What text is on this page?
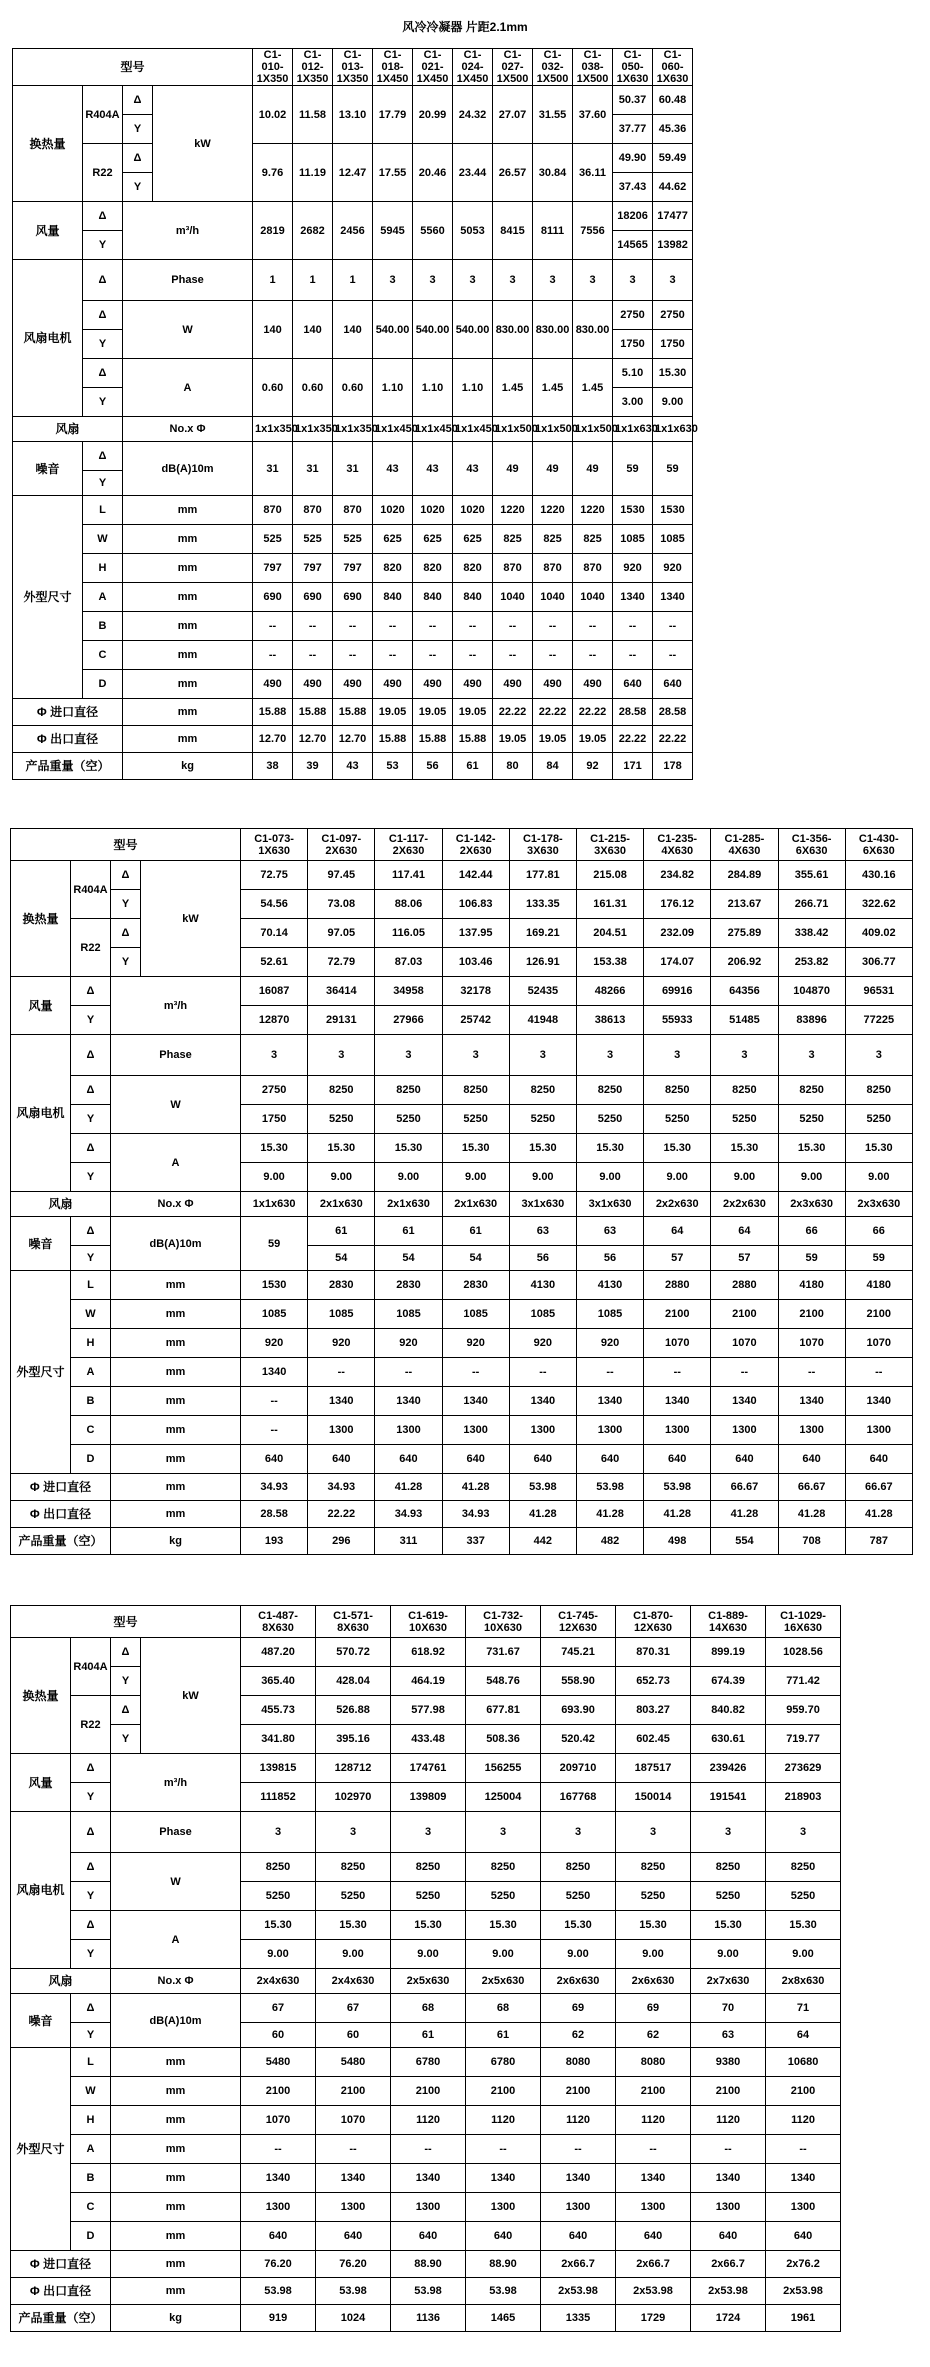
风冷冷凝器 片距2.1mm
型号				C1-010-1X350	C1-012-1X350	C1-013-1X350	C1-018-1X450	C1-021-1X450	C1-024-1X450	C1-027-1X500	C1-032-1X500	C1-038-1X500	C1-050-1X630	C1-060-1X630
换热量	R404A	Δ	kW	10.02	11.58	13.10	17.79	20.99	24.32	27.07	31.55	37.60	50.37	60.48
		Y											37.77	45.36
	R22	Δ		9.76	11.19	12.47	17.55	20.46	23.44	26.57	30.84	36.11	49.90	59.49
		Y											37.43	44.62
风量	Δ	m³/h		2819	2682	2456	5945	5560	5053	8415	8111	7556	18206	17477
	Y												14565	13982
风扇电机	Δ	Phase		1	1	1	3	3	3	3	3	3	3	3
	Δ	W		140	140	140	540.00	540.00	540.00	830.00	830.00	830.00	2750	2750
	Y												1750	1750
	Δ	A		0.60	0.60	0.60	1.10	1.10	1.10	1.45	1.45	1.45	5.10	15.30
	Y												3.00	9.00
风扇		No.x Φ		1x1x350	1x1x350	1x1x350	1x1x450	1x1x450	1x1x450	1x1x500	1x1x500	1x1x500	1x1x630	1x1x630
噪音	Δ	dB(A)10m		31	31	31	43	43	43	49	49	49	59	59
	Y													
外型尺寸	L	mm		870	870	870	1020	1020	1020	1220	1220	1220	1530	1530
	W	mm		525	525	525	625	625	625	825	825	825	1085	1085
	H	mm		797	797	797	820	820	820	870	870	870	920	920
	A	mm		690	690	690	840	840	840	1040	1040	1040	1340	1340
	B	mm		--	--	--	--	--	--	--	--	--	--	--
	C	mm		--	--	--	--	--	--	--	--	--	--	--
	D	mm		490	490	490	490	490	490	490	490	490	640	640
Φ 进口直径		mm		15.88	15.88	15.88	19.05	19.05	19.05	22.22	22.22	22.22	28.58	28.58
Φ 出口直径		mm		12.70	12.70	12.70	15.88	15.88	15.88	19.05	19.05	19.05	22.22	22.22
产品重量（空）		kg		38	39	43	53	56	61	80	84	92	171	178
型号				C1-073-1X630	C1-097-2X630	C1-117-2X630	C1-142-2X630	C1-178-3X630	C1-215-3X630	C1-235-4X630	C1-285-4X630	C1-356-6X630	C1-430-6X630
换热量	R404A	Δ	kW	72.75	97.45	117.41	142.44	177.81	215.08	234.82	284.89	355.61	430.16
		Y		54.56	73.08	88.06	106.83	133.35	161.31	176.12	213.67	266.71	322.62
	R22	Δ		70.14	97.05	116.05	137.95	169.21	204.51	232.09	275.89	338.42	409.02
		Y		52.61	72.79	87.03	103.46	126.91	153.38	174.07	206.92	253.82	306.77
风量	Δ	m³/h		16087	36414	34958	32178	52435	48266	69916	64356	104870	96531
	Y			12870	29131	27966	25742	41948	38613	55933	51485	83896	77225
风扇电机	Δ	Phase		3	3	3	3	3	3	3	3	3	3
	Δ	W		2750	8250	8250	8250	8250	8250	8250	8250	8250	8250
	Y			1750	5250	5250	5250	5250	5250	5250	5250	5250	5250
	Δ	A		15.30	15.30	15.30	15.30	15.30	15.30	15.30	15.30	15.30	15.30
	Y			9.00	9.00	9.00	9.00	9.00	9.00	9.00	9.00	9.00	9.00
风扇		No.x Φ		1x1x630	2x1x630	2x1x630	2x1x630	3x1x630	3x1x630	2x2x630	2x2x630	2x3x630	2x3x630
噪音	Δ	dB(A)10m		59	61	61	61	63	63	64	64	66	66
	Y				54	54	54	56	56	57	57	59	59
外型尺寸	L	mm		1530	2830	2830	2830	4130	4130	2880	2880	4180	4180
	W	mm		1085	1085	1085	1085	1085	1085	2100	2100	2100	2100
	H	mm		920	920	920	920	920	920	1070	1070	1070	1070
	A	mm		1340	--	--	--	--	--	--	--	--	--
	B	mm		--	1340	1340	1340	1340	1340	1340	1340	1340	1340
	C	mm		--	1300	1300	1300	1300	1300	1300	1300	1300	1300
	D	mm		640	640	640	640	640	640	640	640	640	640
Φ 进口直径		mm		34.93	34.93	41.28	41.28	53.98	53.98	53.98	66.67	66.67	66.67
Φ 出口直径		mm		28.58	22.22	34.93	34.93	41.28	41.28	41.28	41.28	41.28	41.28
产品重量（空）		kg		193	296	311	337	442	482	498	554	708	787
型号				C1-487-8X630	C1-571-8X630	C1-619-10X630	C1-732-10X630	C1-745-12X630	C1-870-12X630	C1-889-14X630	C1-1029-16X630
换热量	R404A	Δ	kW	487.20	570.72	618.92	731.67	745.21	870.31	899.19	1028.56
		Y		365.40	428.04	464.19	548.76	558.90	652.73	674.39	771.42
	R22	Δ		455.73	526.88	577.98	677.81	693.90	803.27	840.82	959.70
		Y		341.80	395.16	433.48	508.36	520.42	602.45	630.61	719.77
风量	Δ	m³/h		139815	128712	174761	156255	209710	187517	239426	273629
	Y			111852	102970	139809	125004	167768	150014	191541	218903
风扇电机	Δ	Phase		3	3	3	3	3	3	3	3
	Δ	W		8250	8250	8250	8250	8250	8250	8250	8250
	Y			5250	5250	5250	5250	5250	5250	5250	5250
	Δ	A		15.30	15.30	15.30	15.30	15.30	15.30	15.30	15.30
	Y			9.00	9.00	9.00	9.00	9.00	9.00	9.00	9.00
风扇		No.x Φ		2x4x630	2x4x630	2x5x630	2x5x630	2x6x630	2x6x630	2x7x630	2x8x630
噪音	Δ	dB(A)10m		67	67	68	68	69	69	70	71
	Y			60	60	61	61	62	62	63	64
外型尺寸	L	mm		5480	5480	6780	6780	8080	8080	9380	10680
	W	mm		2100	2100	2100	2100	2100	2100	2100	2100
	H	mm		1070	1070	1120	1120	1120	1120	1120	1120
	A	mm		--	--	--	--	--	--	--	--
	B	mm		1340	1340	1340	1340	1340	1340	1340	1340
	C	mm		1300	1300	1300	1300	1300	1300	1300	1300
	D	mm		640	640	640	640	640	640	640	640
Φ 进口直径		mm		76.20	76.20	88.90	88.90	2x66.7	2x66.7	2x66.7	2x76.2
Φ 出口直径		mm		53.98	53.98	53.98	53.98	2x53.98	2x53.98	2x53.98	2x53.98
产品重量（空）		kg		919	1024	1136	1465	1335	1729	1724	1961
